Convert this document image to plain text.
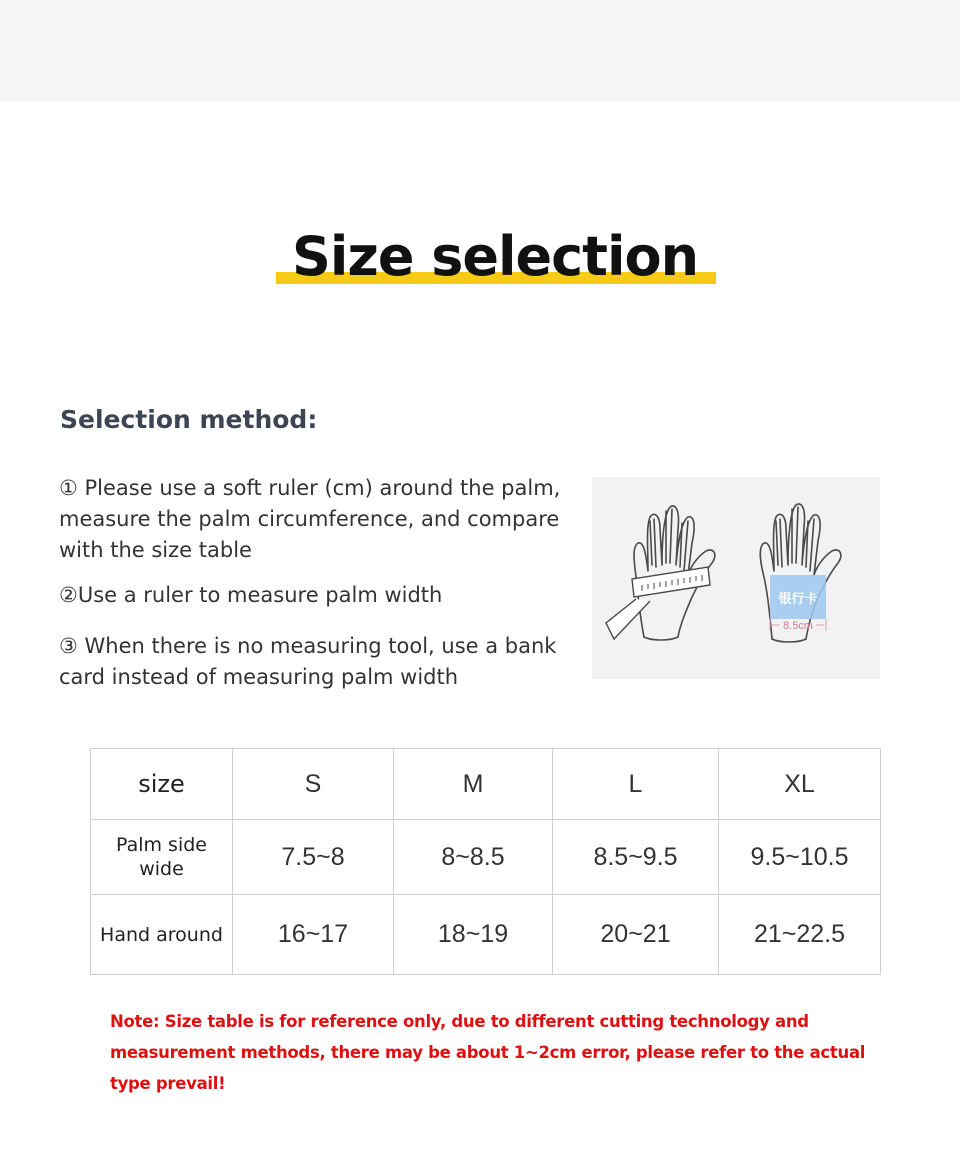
Size selection
Selection method:

① Please use a soft ruler (cm) around the palm, measure the palm circumference, and compare with the size table

②Use a ruler to measure palm width

③ When there is no measuring tool, use a bank card instead of measuring palm width

银行卡
8.5cm
size	S	M	L	XL

Palm side wide	7.5~8	8~8.5	8.5~9.5	9.5~10.5
Hand around	16~17	18~19	20~21	21~22.5
Note: Size table is for reference only, due to different cutting technology and measurement methods, there may be about 1~2cm error, please refer to the actual type prevail!
